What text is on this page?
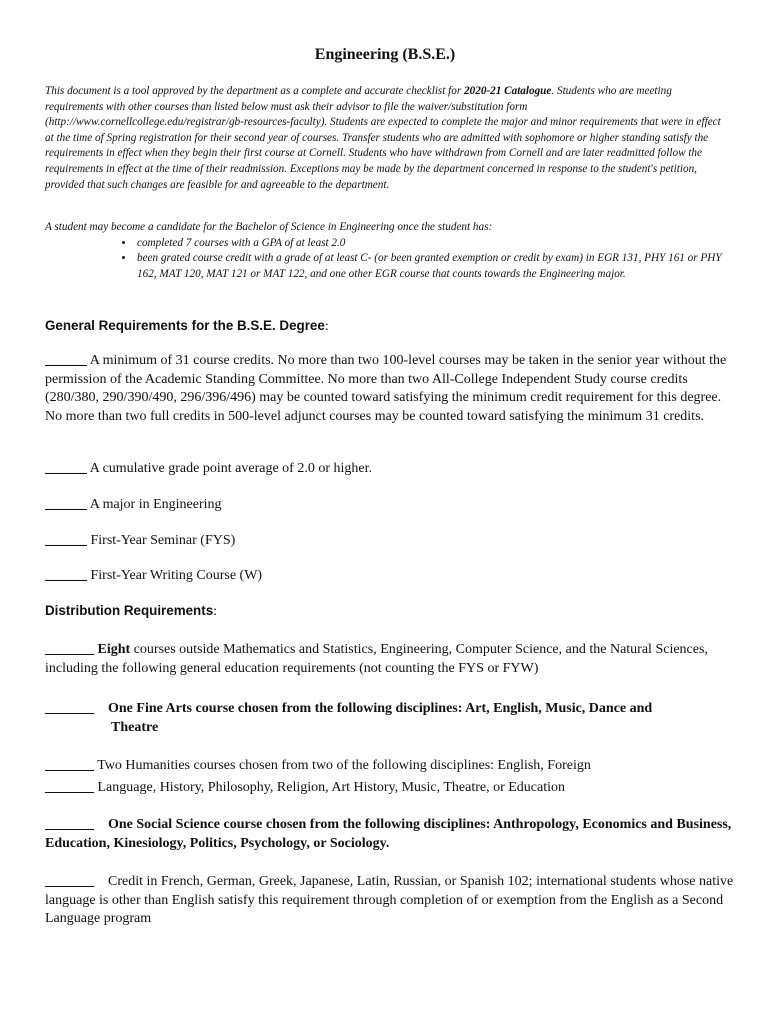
Engineering (B.S.E.)
This document is a tool approved by the department as a complete and accurate checklist for 2020-21 Catalogue. Students who are meeting requirements with other courses than listed below must ask their advisor to file the waiver/substitution form (http://www.cornellcollege.edu/registrar/gb-resources-faculty). Students are expected to complete the major and minor requirements that were in effect at the time of Spring registration for their second year of courses. Transfer students who are admitted with sophomore or higher standing satisfy the requirements in effect when they begin their first course at Cornell. Students who have withdrawn from Cornell and are later readmitted follow the requirements in effect at the time of their readmission. Exceptions may be made by the department concerned in response to the student's petition, provided that such changes are feasible for and agreeable to the department.
A student may become a candidate for the Bachelor of Science in Engineering once the student has:
• completed 7 courses with a GPA of at least 2.0
• been grated course credit with a grade of at least C- (or been granted exemption or credit by exam) in EGR 131, PHY 161 or PHY 162, MAT 120, MAT 121 or MAT 122, and one other EGR course that counts towards the Engineering major.
General Requirements for the B.S.E. Degree:
______ A minimum of 31 course credits. No more than two 100-level courses may be taken in the senior year without the permission of the Academic Standing Committee. No more than two All-College Independent Study course credits (280/380, 290/390/490, 296/396/496) may be counted toward satisfying the minimum credit requirement for this degree. No more than two full credits in 500-level adjunct courses may be counted toward satisfying the minimum 31 credits.
______ A cumulative grade point average of 2.0 or higher.
______ A major in Engineering
______ First-Year Seminar (FYS)
______ First-Year Writing Course (W)
Distribution Requirements:
_______ Eight courses outside Mathematics and Statistics, Engineering, Computer Science, and the Natural Sciences, including the following general education requirements (not counting the FYS or FYW)
_______ One Fine Arts course chosen from the following disciplines: Art, English, Music, Dance and
Theatre
_______ Two Humanities courses chosen from two of the following disciplines: English, Foreign
_______ Language, History, Philosophy, Religion, Art History, Music, Theatre, or Education
_______ One Social Science course chosen from the following disciplines: Anthropology, Economics and Business, Education, Kinesiology, Politics, Psychology, or Sociology.
_______ Credit in French, German, Greek, Japanese, Latin, Russian, or Spanish 102; international students whose native language is other than English satisfy this requirement through completion of or exemption from the English as a Second Language program
